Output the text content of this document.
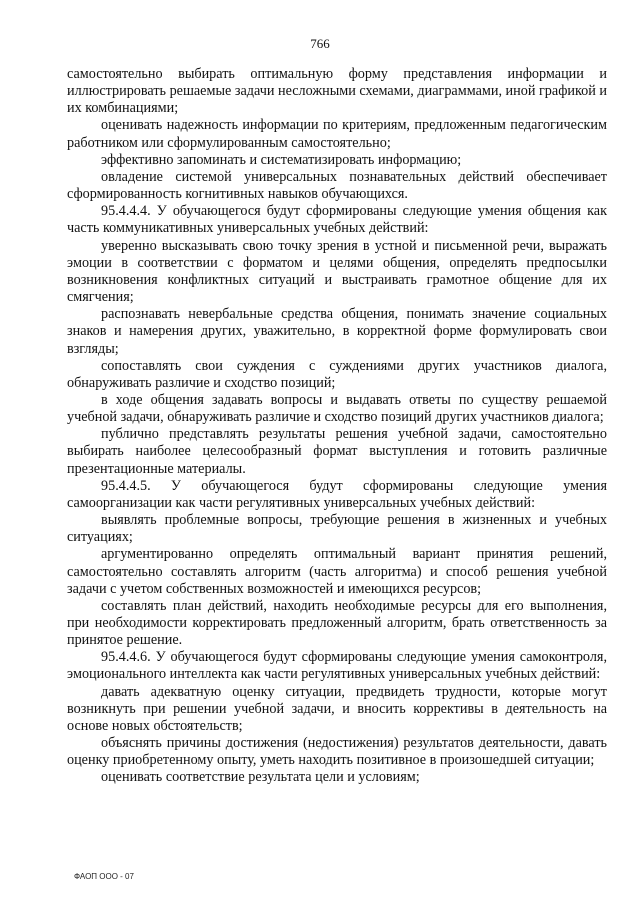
766

самостоятельно выбирать оптимальную форму представления информации и иллюстрировать решаемые задачи несложными схемами, диаграммами, иной графикой и их комбинациями;

оценивать надежность информации по критериям, предложенным педагогическим работником или сформулированным самостоятельно;

эффективно запоминать и систематизировать информацию;

овладение системой универсальных познавательных действий обеспечивает сформированность когнитивных навыков обучающихся.

95.4.4.4. У обучающегося будут сформированы следующие умения общения как часть коммуникативных универсальных учебных действий:

уверенно высказывать свою точку зрения в устной и письменной речи, выражать эмоции в соответствии с форматом и целями общения, определять предпосылки возникновения конфликтных ситуаций и выстраивать грамотное общение для их смягчения;

распознавать невербальные средства общения, понимать значение социальных знаков и намерения других, уважительно, в корректной форме формулировать свои взгляды;

сопоставлять свои суждения с суждениями других участников диалога, обнаруживать различие и сходство позиций;

в ходе общения задавать вопросы и выдавать ответы по существу решаемой учебной задачи, обнаруживать различие и сходство позиций других участников диалога;

публично представлять результаты решения учебной задачи, самостоятельно выбирать наиболее целесообразный формат выступления и готовить различные презентационные материалы.

95.4.4.5. У обучающегося будут сформированы следующие умения самоорганизации как части регулятивных универсальных учебных действий:

выявлять проблемные вопросы, требующие решения в жизненных и учебных ситуациях;

аргументированно определять оптимальный вариант принятия решений, самостоятельно составлять алгоритм (часть алгоритма) и способ решения учебной задачи с учетом собственных возможностей и имеющихся ресурсов;

составлять план действий, находить необходимые ресурсы для его выполнения, при необходимости корректировать предложенный алгоритм, брать ответственность за принятое решение.

95.4.4.6. У обучающегося будут сформированы следующие умения самоконтроля, эмоционального интеллекта как части регулятивных универсальных учебных действий:

давать адекватную оценку ситуации, предвидеть трудности, которые могут возникнуть при решении учебной задачи, и вносить коррективы в деятельность на основе новых обстоятельств;

объяснять причины достижения (недостижения) результатов деятельности, давать оценку приобретенному опыту, уметь находить позитивное в произошедшей ситуации;

оценивать соответствие результата цели и условиям;

ФАОП ООО - 07
